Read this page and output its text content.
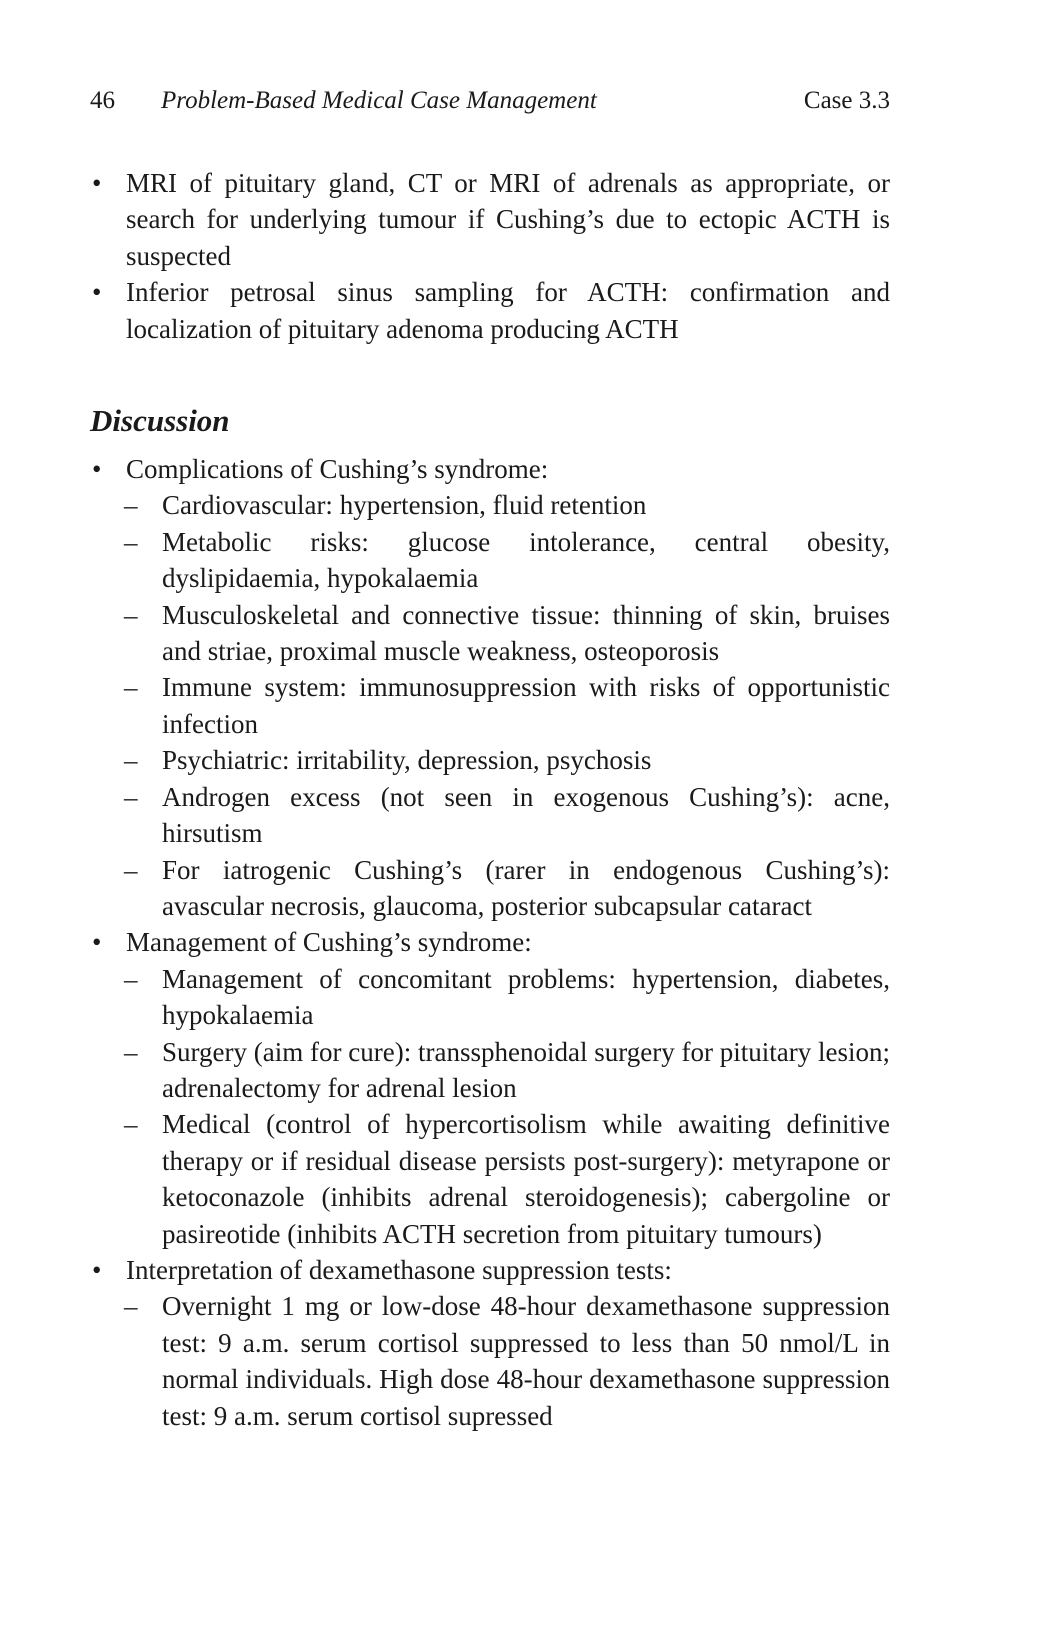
46 Problem-Based Medical Case Management	Case 3.3
• MRI of pituitary gland, CT or MRI of adrenals as appropriate, or search for underlying tumour if Cushing’s due to ectopic ACTH is suspected
• Inferior petrosal sinus sampling for ACTH: confirmation and localization of pituitary adenoma producing ACTH
Discussion
• Complications of Cushing’s syndrome:
– Cardiovascular: hypertension, fluid retention
– Metabolic risks: glucose intolerance, central obesity, dyslipidaemia, hypokalaemia
– Musculoskeletal and connective tissue: thinning of skin, bruises and striae, proximal muscle weakness, osteoporosis
– Immune system: immunosuppression with risks of opportunistic infection
– Psychiatric: irritability, depression, psychosis
– Androgen excess (not seen in exogenous Cushing’s): acne, hirsutism
– For iatrogenic Cushing’s (rarer in endogenous Cushing’s): avascular necrosis, glaucoma, posterior subcapsular cataract
• Management of Cushing’s syndrome:
– Management of concomitant problems: hypertension, diabetes, hypokalaemia
– Surgery (aim for cure): transsphenoidal surgery for pituitary lesion; adrenalectomy for adrenal lesion
– Medical (control of hypercortisolism while awaiting definitive therapy or if residual disease persists post-surgery): metyrapone or ketoconazole (inhibits adrenal steroidogenesis); cabergoline or pasireotide (inhibits ACTH secretion from pituitary tumours)
• Interpretation of dexamethasone suppression tests:
– Overnight 1 mg or low-dose 48-hour dexamethasone suppression test: 9 a.m. serum cortisol suppressed to less than 50 nmol/L in normal individuals. High dose 48-hour dexamethasone suppression test: 9 a.m. serum cortisol supressed
